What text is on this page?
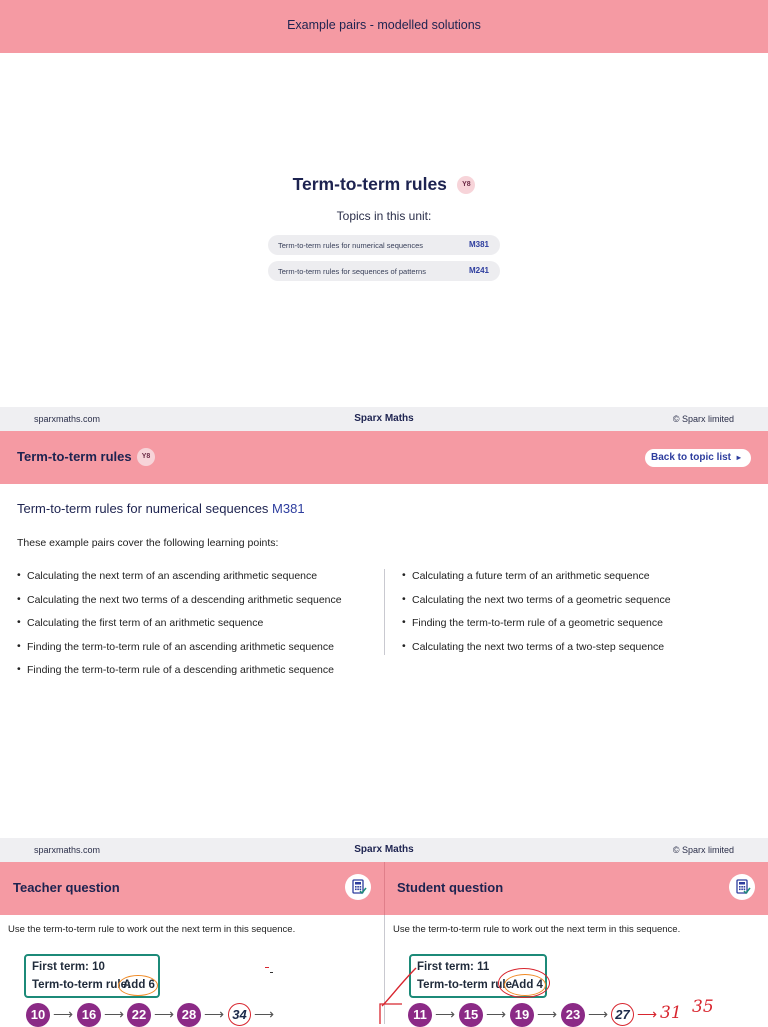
Example pairs - modelled solutions
Term-to-term rules Y8
Topics in this unit:
Term-to-term rules for numerical sequences	M381
Term-to-term rules for sequences of patterns	M241
sparxmaths.com	Sparx Maths	© Sparx limited
Term-to-term rules	Y8	Back to topic list ▸
Term-to-term rules for numerical sequences M381
These example pairs cover the following learning points:
• Calculating the next term of an ascending arithmetic sequence
• Calculating the next two terms of a descending arithmetic sequence
• Calculating the first term of an arithmetic sequence
• Finding the term-to-term rule of an ascending arithmetic sequence
• Finding the term-to-term rule of a descending arithmetic sequence
• Calculating a future term of an arithmetic sequence
• Calculating the next two terms of a geometric sequence
• Finding the term-to-term rule of a geometric sequence
• Calculating the next two terms of a two-step sequence
sparxmaths.com	Sparx Maths	© Sparx limited
Teacher question	Student question
Use the term-to-term rule to work out the next term in this sequence.
First term: 10
Term-to-term rule:
Add 6
10 ⟶ 16 ⟶ 22 ⟶ 28 ⟶ 34 ⟶
Use the term-to-term rule to work out the next term in this sequence.
First term: 11
Term-to-term rule Add 4
11 ⟶ 15 ⟶ 19 ⟶ 23 ⟶ 27 ⟶ 31 35
